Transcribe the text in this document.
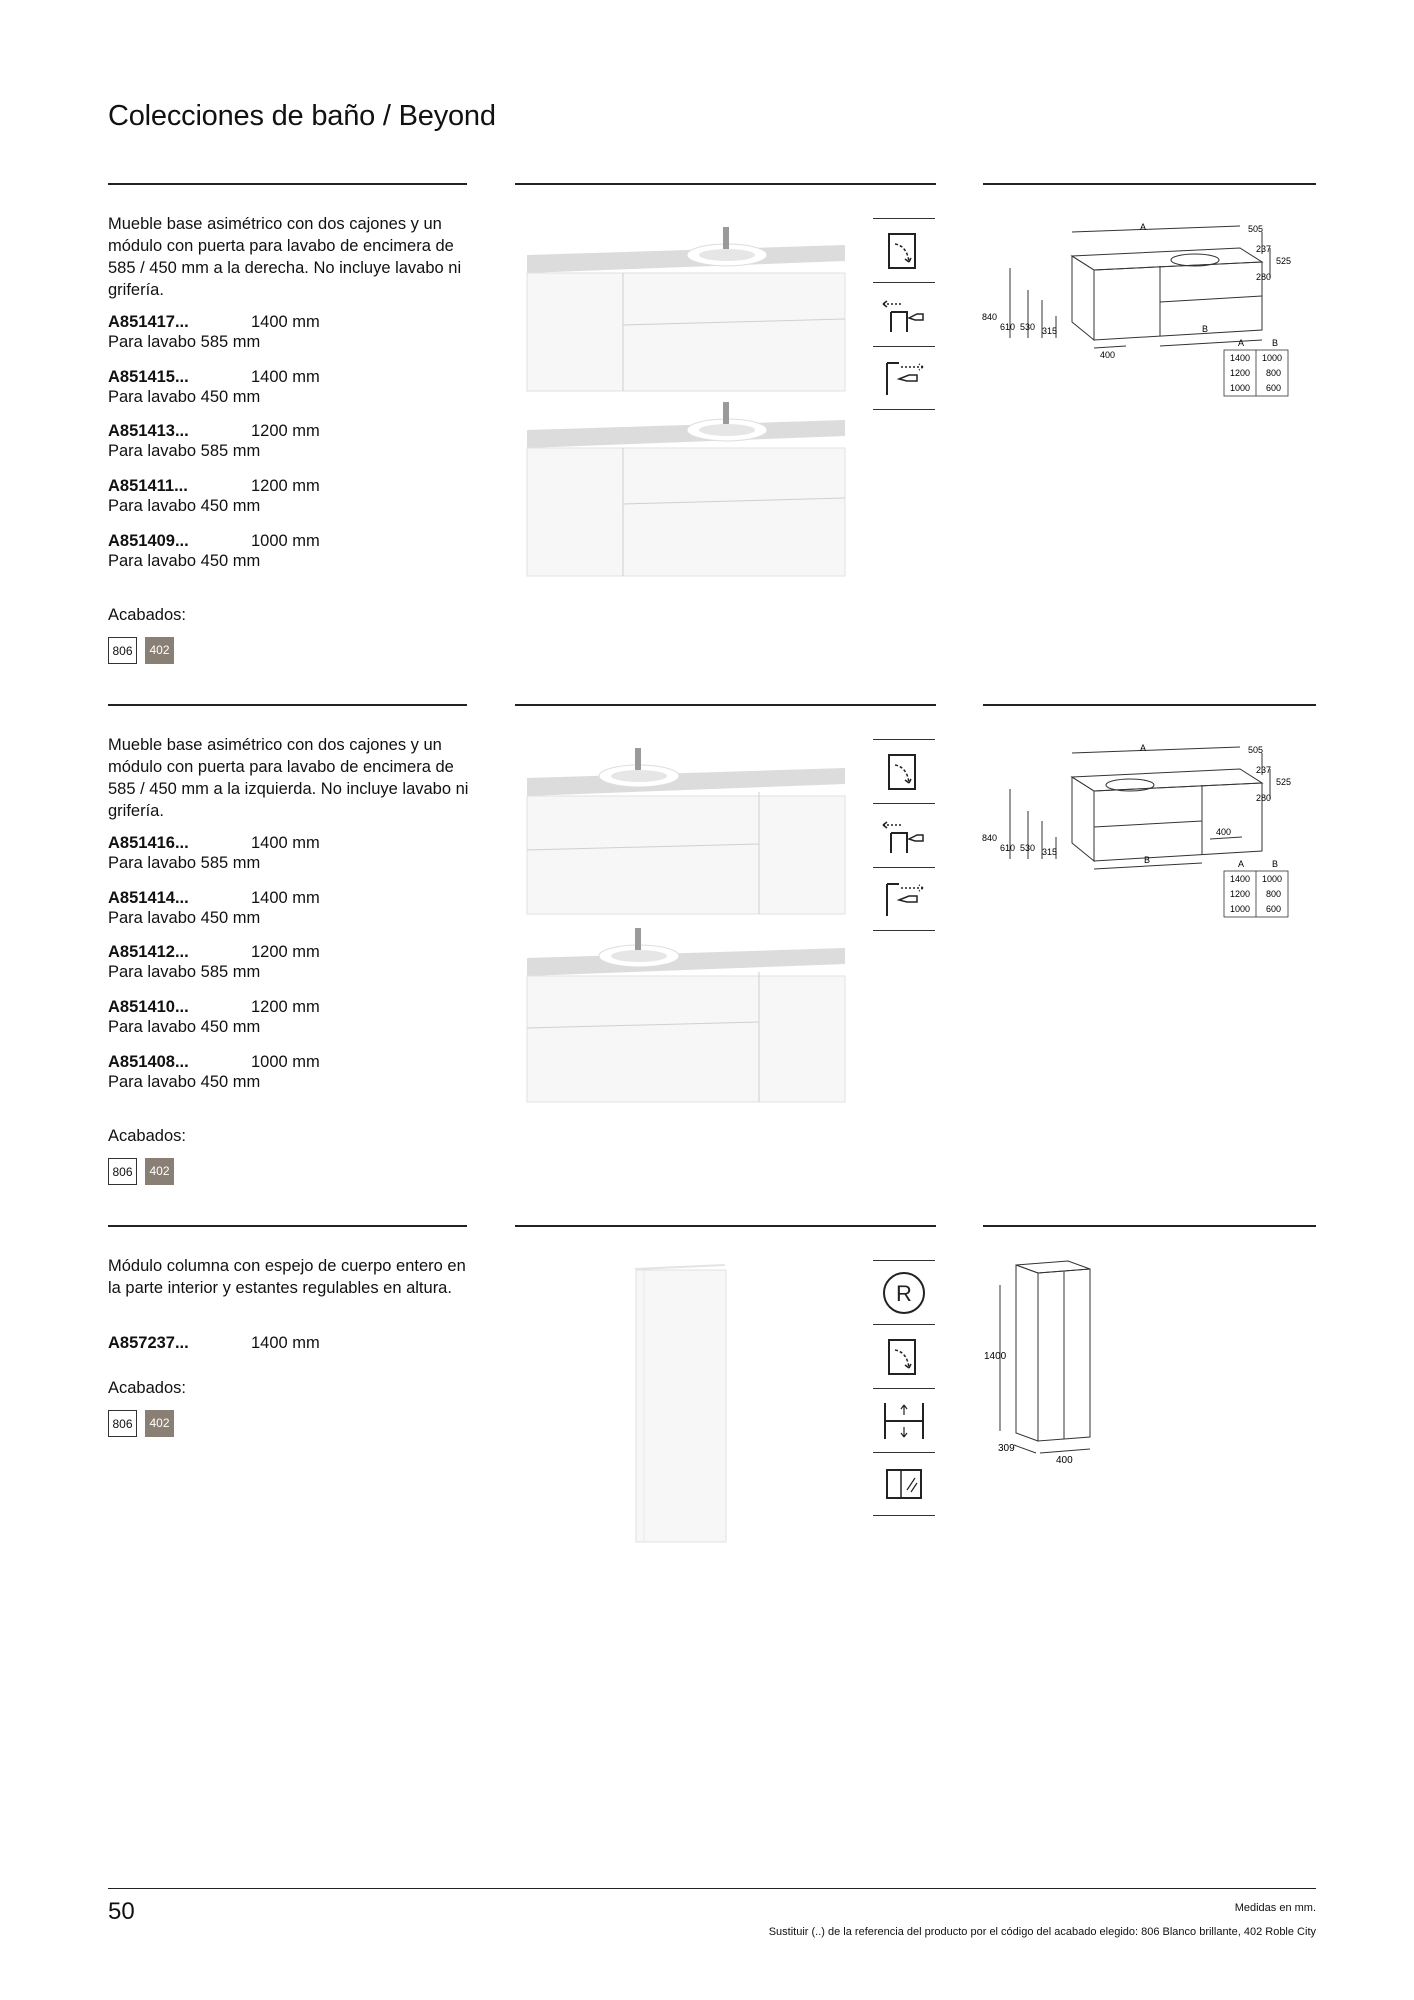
Colecciones de baño / Beyond
Mueble base asimétrico con dos cajones y un módulo con puerta para lavabo de encimera de 585 / 450 mm a la derecha. No incluye lavabo ni grifería.
A851417...	1400 mm
Para lavabo 585 mm
A851415...	1400 mm
Para lavabo 450 mm
A851413...	1200 mm
Para lavabo 585 mm
A851411...	1200 mm
Para lavabo 450 mm
A851409...	1000 mm
Para lavabo 450 mm
Acabados:
806	402
A	505
237
525
280
840
610 530 315
400
B
A	B
1400 1000
1200 800
1000 600
Mueble base asimétrico con dos cajones y un módulo con puerta para lavabo de encimera de 585 / 450 mm a la izquierda. No incluye lavabo ni grifería.
A851416...	1400 mm
Para lavabo 585 mm
A851414...	1400 mm
Para lavabo 450 mm
A851412...	1200 mm
Para lavabo 585 mm
A851410...	1200 mm
Para lavabo 450 mm
A851408...	1000 mm
Para lavabo 450 mm
Acabados:
806	402
A	505
237
525
280
840
610 530 315
400
B	A	B
1400 1000
1200 800
1000 600
Módulo columna con espejo de cuerpo entero en la parte interior y estantes regulables en altura.
A857237...	1400 mm
Acabados:
806	402
R
1400
309
400
50	Medidas en mm.
Sustituir (..) de la referencia del producto por el código del acabado elegido: 806 Blanco brillante, 402 Roble City
